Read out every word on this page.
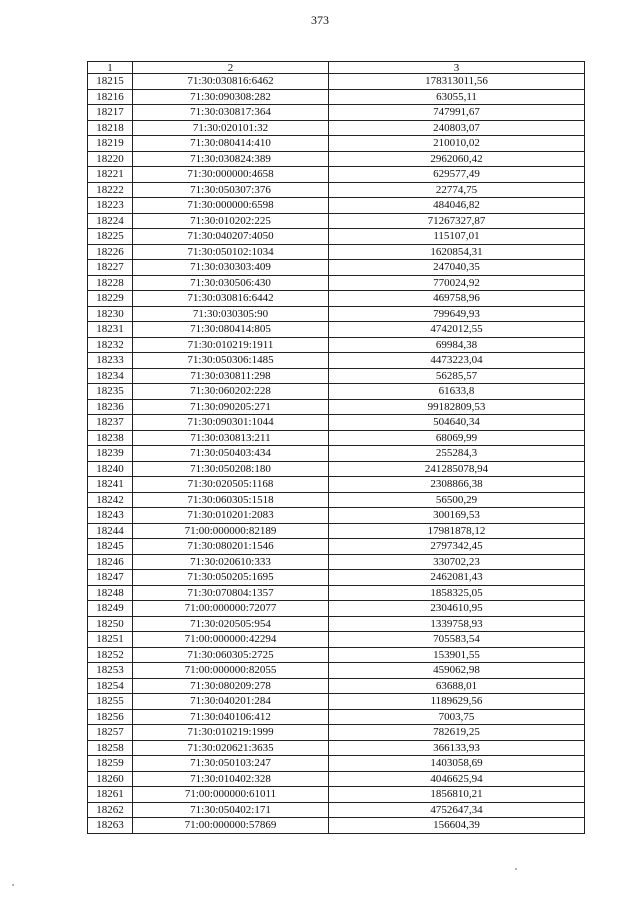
373
1	2	3
18215	71:30:030816:6462	178313011,56
18216	71:30:090308:282	63055,11
18217	71:30:030817:364	747991,67
18218	71:30:020101:32	240803,07
18219	71:30:080414:410	210010,02
18220	71:30:030824:389	2962060,42
18221	71:30:000000:4658	629577,49
18222	71:30:050307:376	22774,75
18223	71:30:000000:6598	484046,82
18224	71:30:010202:225	71267327,87
18225	71:30:040207:4050	115107,01
18226	71:30:050102:1034	1620854,31
18227	71:30:030303:409	247040,35
18228	71:30:030506:430	770024,92
18229	71:30:030816:6442	469758,96
18230	71:30:030305:90	799649,93
18231	71:30:080414:805	4742012,55
18232	71:30:010219:1911	69984,38
18233	71:30:050306:1485	4473223,04
18234	71:30:030811:298	56285,57
18235	71:30:060202:228	61633,8
18236	71:30:090205:271	99182809,53
18237	71:30:090301:1044	504640,34
18238	71:30:030813:211	68069,99
18239	71:30:050403:434	255284,3
18240	71:30:050208:180	241285078,94
18241	71:30:020505:1168	2308866,38
18242	71:30:060305:1518	56500,29
18243	71:30:010201:2083	300169,53
18244	71:00:000000:82189	17981878,12
18245	71:30:080201:1546	2797342,45
18246	71:30:020610:333	330702,23
18247	71:30:050205:1695	2462081,43
18248	71:30:070804:1357	1858325,05
18249	71:00:000000:72077	2304610,95
18250	71:30:020505:954	1339758,93
18251	71:00:000000:42294	705583,54
18252	71:30:060305:2725	153901,55
18253	71:00:000000:82055	459062,98
18254	71:30:080209:278	63688,01
18255	71:30:040201:284	1189629,56
18256	71:30:040106:412	7003,75
18257	71:30:010219:1999	782619,25
18258	71:30:020621:3635	366133,93
18259	71:30:050103:247	1403058,69
18260	71:30:010402:328	4046625,94
18261	71:00:000000:61011	1856810,21
18262	71:30:050402:171	4752647,34
18263	71:00:000000:57869	156604,39
